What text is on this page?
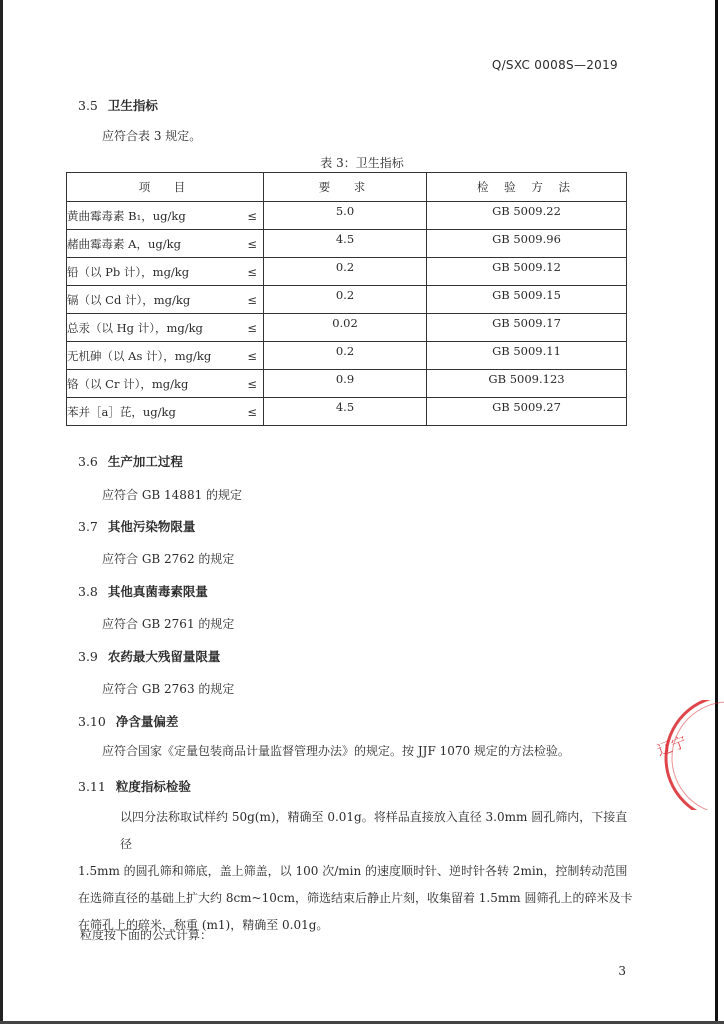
Q/SXC 0008S—2019
3.5 卫生指标
应符合表 3 规定。
表 3：卫生指标
项　目	要　求	检 验 方 法
黄曲霉毒素 B₁，ug/kg ≤	5.0	GB 5009.22
赭曲霉毒素 A，ug/kg ≤	4.5	GB 5009.96
铅（以 Pb 计），mg/kg ≤	0.2	GB 5009.12
镉（以 Cd 计），mg/kg ≤	0.2	GB 5009.15
总汞（以 Hg 计），mg/kg ≤	0.02	GB 5009.17
无机砷（以 As 计），mg/kg ≤	0.2	GB 5009.11
铬（以 Cr 计），mg/kg ≤	0.9	GB 5009.123
苯并［a］芘，ug/kg ≤	4.5	GB 5009.27
3.6 生产加工过程
应符合 GB 14881 的规定
3.7 其他污染物限量
应符合 GB 2762 的规定
3.8 其他真菌毒素限量
应符合 GB 2761 的规定
3.9 农药最大残留量限量
应符合 GB 2763 的规定
3.10 净含量偏差
应符合国家《定量包装商品计量监督管理办法》的规定。按 JJF 1070 规定的方法检验。
3.11 粒度指标检验
以四分法称取试样约 50g(m)，精确至 0.01g。将样品直接放入直径 3.0mm 圆孔筛内，下接直径
1.5mm 的圆孔筛和筛底，盖上筛盖，以 100 次/min 的速度顺时针、逆时针各转 2min，控制转动范围
在选筛直径的基础上扩大约 8cm~10cm，筛选结束后静止片刻，收集留着 1.5mm 圆筛孔上的碎米及卡
在筛孔上的碎米，称重 (m1)，精确至 0.01g。
粒度按下面的公式计算：
3
辽宁
